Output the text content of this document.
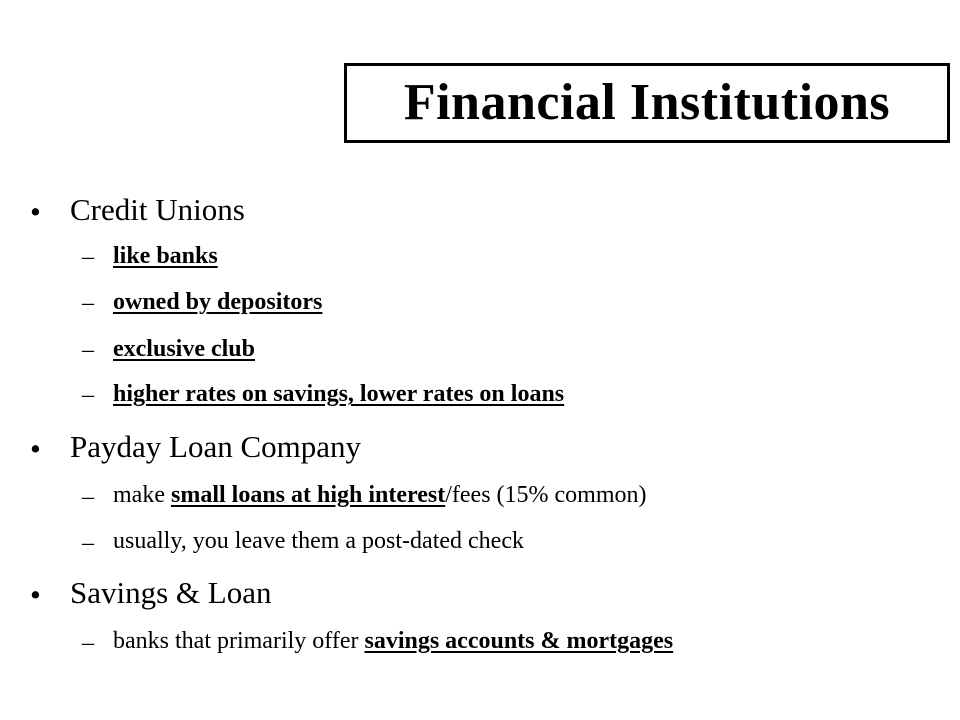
Financial Institutions
• Credit Unions
– like banks
– owned by depositors
– exclusive club
– higher rates on savings, lower rates on loans
• Payday Loan Company
– make small loans at high interest/fees (15% common)
– usually, you leave them a post-dated check
• Savings & Loan
– banks that primarily offer savings accounts & mortgages
